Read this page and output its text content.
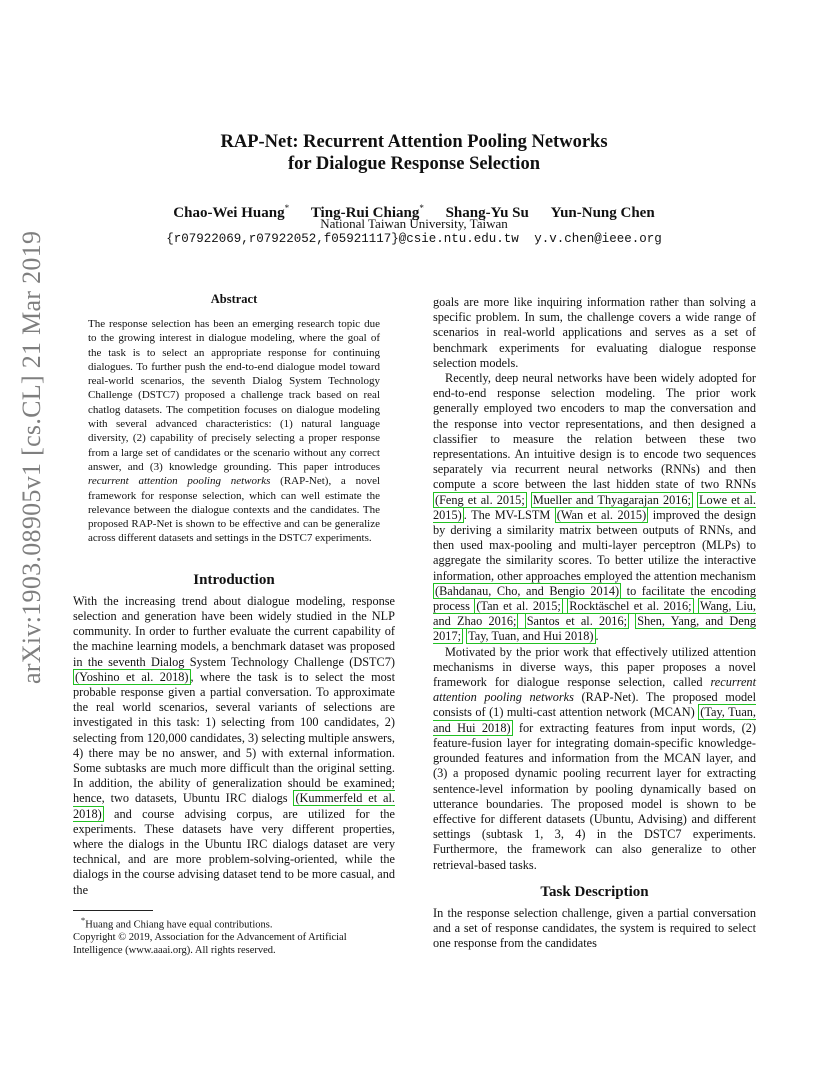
arXiv:1903.08905v1 [cs.CL] 21 Mar 2019
RAP-Net: Recurrent Attention Pooling Networks
for Dialogue Response Selection
Chao-Wei Huang* Ting-Rui Chiang* Shang-Yu Su Yun-Nung Chen
National Taiwan University, Taiwan
{r07922069,r07922052,f05921117}@csie.ntu.edu.tw y.v.chen@ieee.org
Abstract

The response selection has been an emerging research topic due to the growing interest in dialogue modeling, where the goal of the task is to select an appropriate response for continuing dialogues. To further push the end-to-end dialogue model toward real-world scenarios, the seventh Dialog System Technology Challenge (DSTC7) proposed a challenge track based on real chatlog datasets. The competition focuses on dialogue modeling with several advanced characteristics: (1) natural language diversity, (2) capability of precisely selecting a proper response from a large set of candidates or the scenario without any correct answer, and (3) knowledge grounding. This paper introduces recurrent attention pooling networks (RAP-Net), a novel framework for response selection, which can well estimate the relevance between the dialogue contexts and the candidates. The proposed RAP-Net is shown to be effective and can be generalize across different datasets and settings in the DSTC7 experiments.

Introduction

With the increasing trend about dialogue modeling, response selection and generation have been widely studied in the NLP community. In order to further evaluate the current capability of the machine learning models, a benchmark dataset was proposed in the seventh Dialog System Technology Challenge (DSTC7) (Yoshino et al. 2018) , where the task is to select the most probable response given a partial conversation. To approximate the real world scenarios, several variants of selections are investigated in this task: 1) selecting from 100 candidates, 2) selecting from 120,000 candidates, 3) selecting multiple answers, 4) there may be no answer, and 5) with external information. Some subtasks are much more difficult than the original setting. In addition, the ability of generalization should be examined; hence, two datasets, Ubuntu IRC dialogs (Kummerfeld et al. 2018) and course advising corpus, are utilized for the experiments. These datasets have very different properties, where the dialogs in the Ubuntu IRC dialogs dataset are very technical, and are more problem-solving-oriented, while the dialogs in the course advising dataset tend to be more casual, and the

*Huang and Chiang have equal contributions.

Copyright © 2019, Association for the Advancement of Artificial Intelligence (www.aaai.org). All rights reserved.

goals are more like inquiring information rather than solving a specific problem. In sum, the challenge covers a wide range of scenarios in real-world applications and serves as a set of benchmark experiments for evaluating dialogue response selection models.

Recently, deep neural networks have been widely adopted for end-to-end response selection modeling. The prior work generally employed two encoders to map the conversation and the response into vector representations, and then designed a classifier to measure the relation between these two representations. An intuitive design is to encode two sequences separately via recurrent neural networks (RNNs) and then compute a score between the last hidden state of two RNNs (Feng et al. 2015; Mueller and Thyagarajan 2016; Lowe et al. 2015) . The MV-LSTM (Wan et al. 2015) improved the design by deriving a similarity matrix between outputs of RNNs, and then used max-pooling and multi-layer perceptron (MLPs) to aggregate the similarity scores. To better utilize the interactive information, other approaches employed the attention mechanism (Bahdanau, Cho, and Bengio 2014) to facilitate the encoding process (Tan et al. 2015; Rocktäschel et al. 2016; Wang, Liu, and Zhao 2016; Santos et al. 2016; Shen, Yang, and Deng 2017; Tay, Tuan, and Hui 2018) .

Motivated by the prior work that effectively utilized attention mechanisms in diverse ways, this paper proposes a novel framework for dialogue response selection, called recurrent attention pooling networks (RAP-Net). The proposed model consists of (1) multi-cast attention network (MCAN) (Tay, Tuan, and Hui 2018) for extracting features from input words, (2) feature-fusion layer for integrating domain-specific knowledge-grounded features and information from the MCAN layer, and (3) a proposed dynamic pooling recurrent layer for extracting sentence-level information by pooling dynamically based on utterance boundaries. The proposed model is shown to be effective for different datasets (Ubuntu, Advising) and different settings (subtask 1, 3, 4) in the DSTC7 experiments. Furthermore, the framework can also generalize to other retrieval-based tasks.

Task Description

In the response selection challenge, given a partial conversation and a set of response candidates, the system is required to select one response from the candidates
